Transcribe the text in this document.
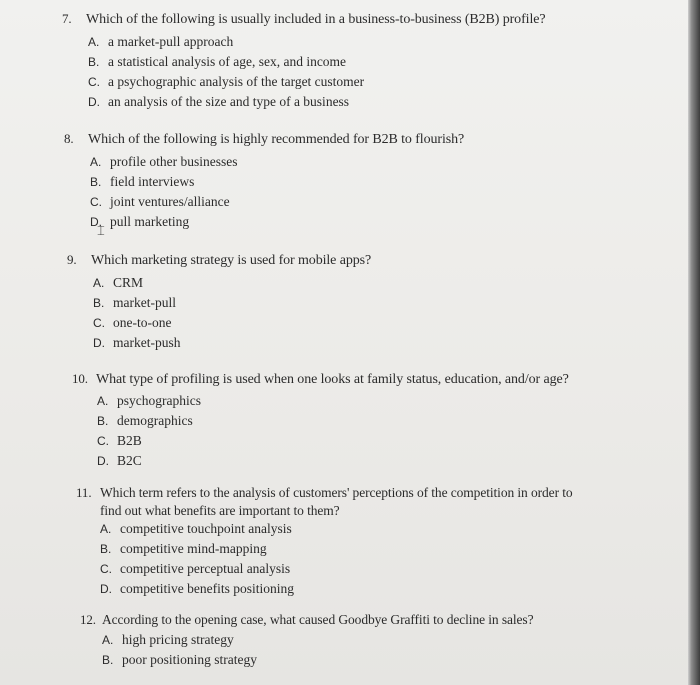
7. Which of the following is usually included in a business-to-business (B2B) profile?
A. a market-pull approach
B. a statistical analysis of age, sex, and income
C. a psychographic analysis of the target customer
D. an analysis of the size and type of a business
8. Which of the following is highly recommended for B2B to flourish?
A. profile other businesses
B. field interviews
C. joint ventures/alliance
D. pull marketing
⌶
9. Which marketing strategy is used for mobile apps?
A. CRM
B. market-pull
C. one-to-one
D. market-push
10. What type of profiling is used when one looks at family status, education, and/or age?
A. psychographics
B. demographics
C. B2B
D. B2C
11. Which term refers to the analysis of customers' perceptions of the competition in order to
find out what benefits are important to them?
A. competitive touchpoint analysis
B. competitive mind-mapping
C. competitive perceptual analysis
D. competitive benefits positioning
12. According to the opening case, what caused Goodbye Graffiti to decline in sales?
A. high pricing strategy
B. poor positioning strategy
